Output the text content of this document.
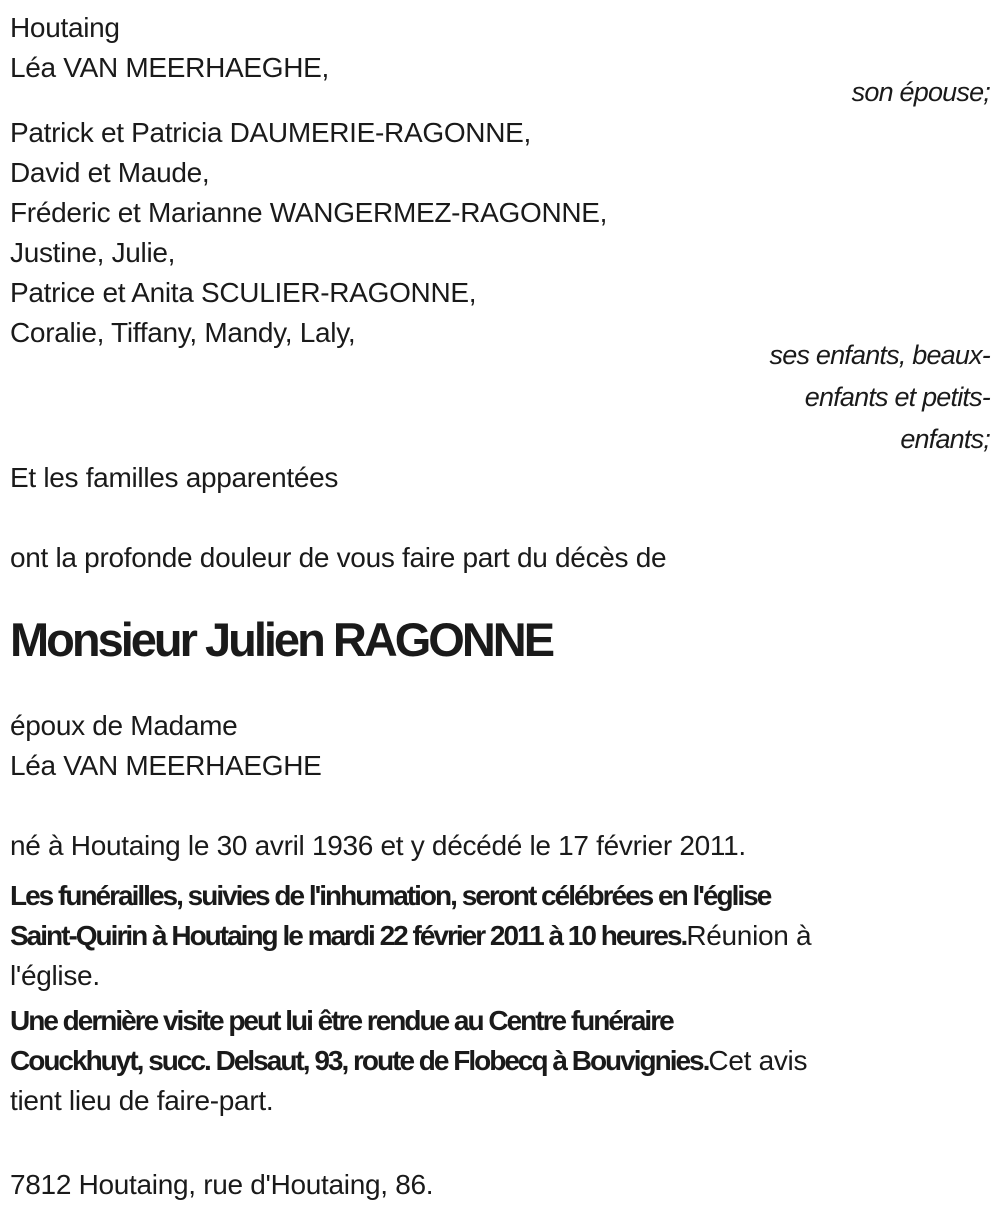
Houtaing
Léa VAN MEERHAEGHE,
son épouse;
Patrick et Patricia DAUMERIE-RAGONNE,
David et Maude,
Fréderic et Marianne WANGERMEZ-RAGONNE,
Justine, Julie,
Patrice et Anita SCULIER-RAGONNE,
Coralie, Tiffany, Mandy, Laly,
ses enfants, beaux-
enfants et petits-
enfants;
Et les familles apparentées
ont la profonde douleur de vous faire part du décès de
Monsieur Julien RAGONNE
époux de Madame
Léa VAN MEERHAEGHE
né à Houtaing le 30 avril 1936 et y décédé le 17 février 2011.
Les funérailles, suivies de l'inhumation, seront célébrées en l'église
Saint-Quirin à Houtaing le mardi 22 février 2011 à 10 heures.Réunion à
l'église.
Une dernière visite peut lui être rendue au Centre funéraire
Couckhuyt, succ. Delsaut, 93, route de Flobecq à Bouvignies.Cet avis
tient lieu de faire-part.
7812 Houtaing, rue d'Houtaing, 86.
